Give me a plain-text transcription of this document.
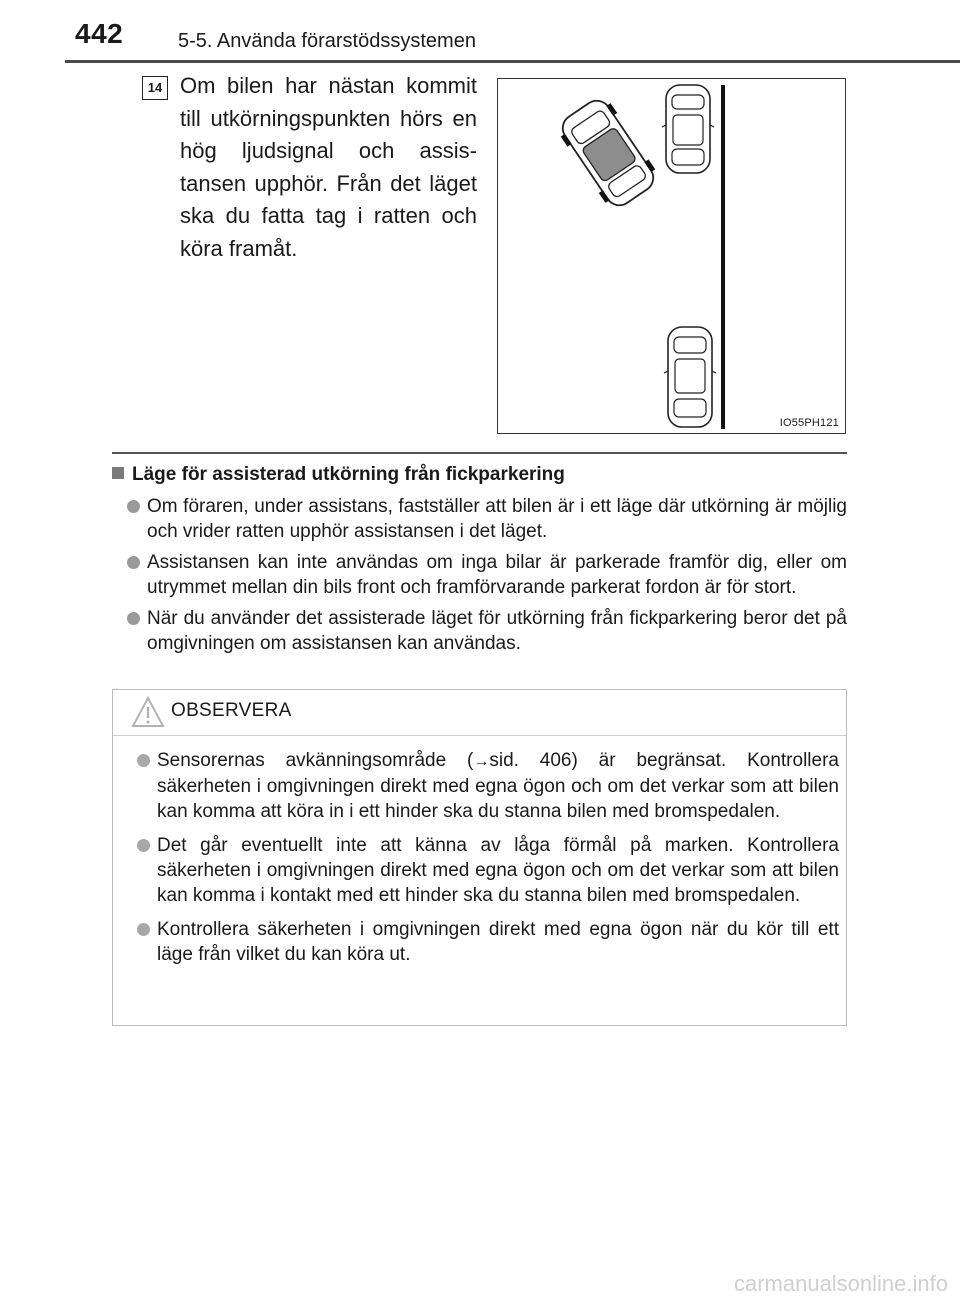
442	5-5. Använda förarstödssystemen
14 Om bilen har nästan kommit till utkörningspunkten hörs en hög ljudsignal och assistansen upphör. Från det läget ska du fatta tag i ratten och köra framåt.
IO55PH121
Läge för assisterad utkörning från fickparkering
Om föraren, under assistans, fastställer att bilen är i ett läge där utkörning är möjlig och vrider ratten upphör assistansen i det läget.
Assistansen kan inte användas om inga bilar är parkerade framför dig, eller om utrymmet mellan din bils front och framförvarande parkerat fordon är för stort.
När du använder det assisterade läget för utkörning från fickparkering beror det på omgivningen om assistansen kan användas.
OBSERVERA
Sensorernas avkänningsområde (→sid. 406) är begränsat. Kontrollera säkerheten i omgivningen direkt med egna ögon och om det verkar som att bilen kan komma att köra in i ett hinder ska du stanna bilen med bromspedalen.
Det går eventuellt inte att känna av låga förmål på marken. Kontrollera säkerheten i omgivningen direkt med egna ögon och om det verkar som att bilen kan komma i kontakt med ett hinder ska du stanna bilen med bromspedalen.
Kontrollera säkerheten i omgivningen direkt med egna ögon när du kör till ett läge från vilket du kan köra ut.
carmanualsonline.info
